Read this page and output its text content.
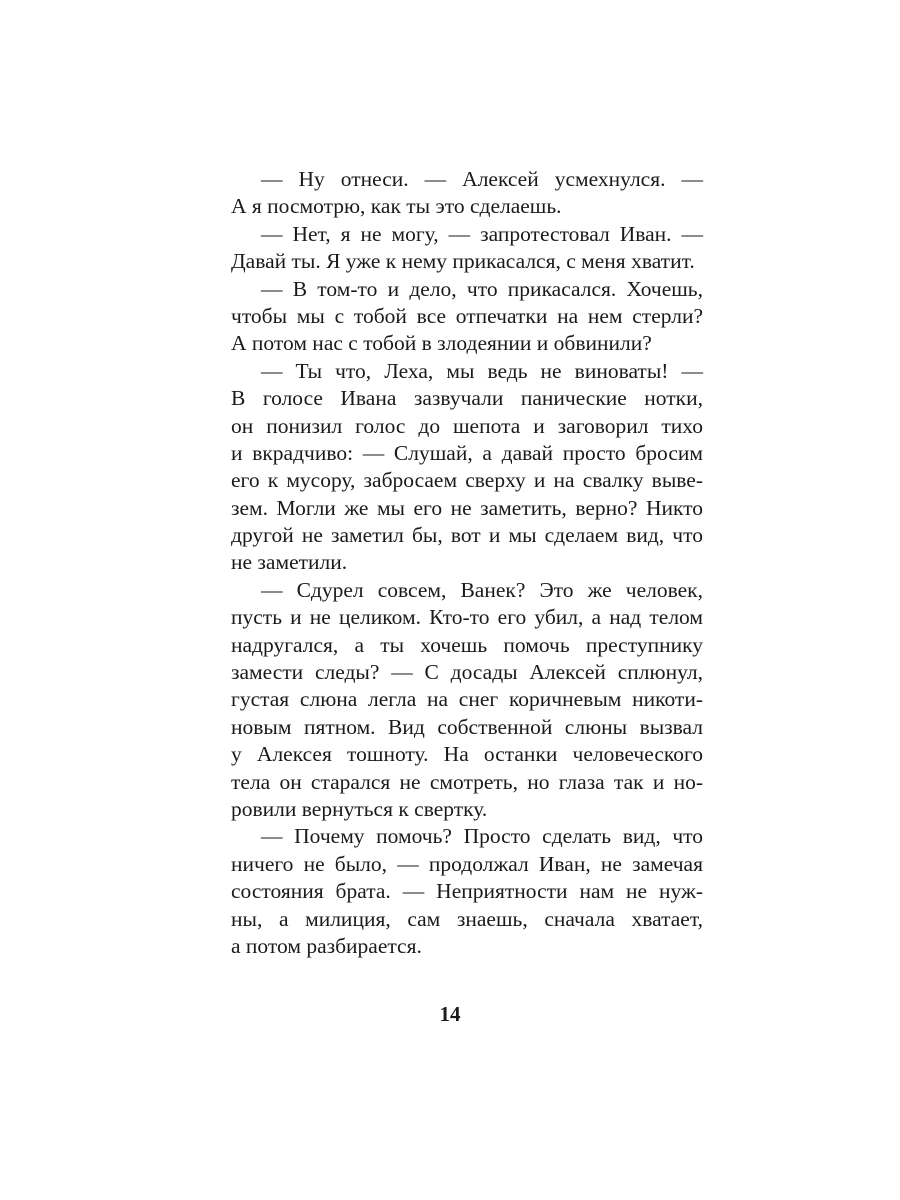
— Ну отнеси. — Алексей усмехнулся. —
А я посмотрю, как ты это сделаешь.
— Нет, я не могу, — запротестовал Иван. —
Давай ты. Я уже к нему прикасался, с меня хватит.
— В том-то и дело, что прикасался. Хочешь,
чтобы мы с тобой все отпечатки на нем стерли?
А потом нас с тобой в злодеянии и обвинили?
— Ты что, Леха, мы ведь не виноваты! —
В голосе Ивана зазвучали панические нотки,
он понизил голос до шепота и заговорил тихо
и вкрадчиво: — Слушай, а давай просто бросим
его к мусору, забросаем сверху и на свалку выве-
зем. Могли же мы его не заметить, верно? Никто
другой не заметил бы, вот и мы сделаем вид, что
не заметили.
— Сдурел совсем, Ванек? Это же человек,
пусть и не целиком. Кто-то его убил, а над телом
надругался, а ты хочешь помочь преступнику
замести следы? — С досады Алексей сплюнул,
густая слюна легла на снег коричневым никоти-
новым пятном. Вид собственной слюны вызвал
у Алексея тошноту. На останки человеческого
тела он старался не смотреть, но глаза так и но-
ровили вернуться к свертку.
— Почему помочь? Просто сделать вид, что
ничего не было, — продолжал Иван, не замечая
состояния брата. — Неприятности нам не нуж-
ны, а милиция, сам знаешь, сначала хватает,
а потом разбирается.
14
